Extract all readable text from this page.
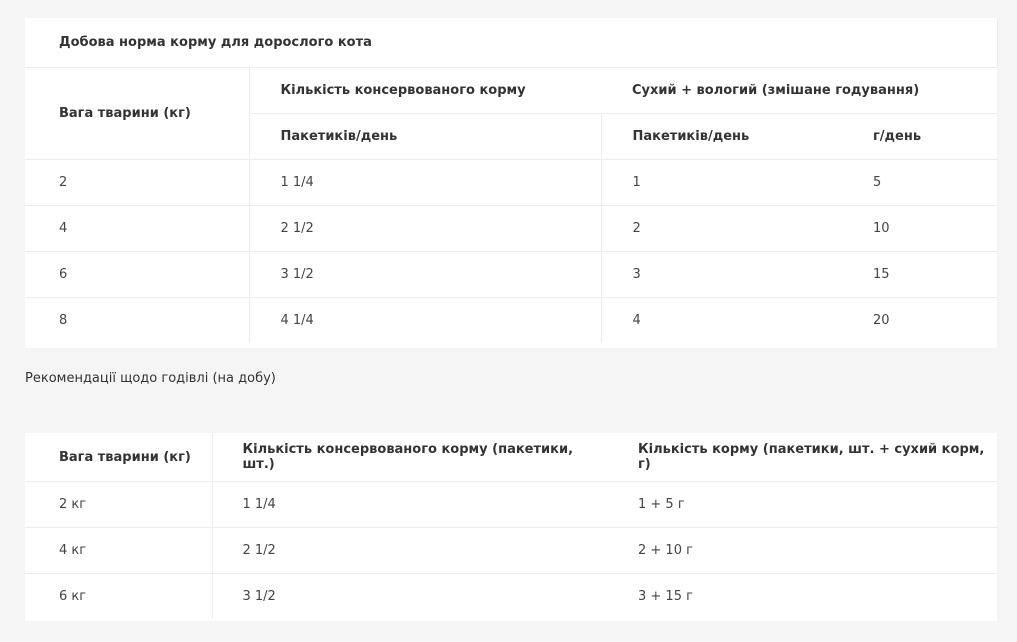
Добова норма корму для дорослого кота			
Вага тварини (кг)	Кількість консервованого корму	Сухий + вологий (змішане годування)	
	Пакетиків/день	Пакетиків/день	г/день
2	1 1/4	1	5
4	2 1/2	2	10
6	3 1/2	3	15
8	4 1/4	4	20
Рекомендації щодо годівлі (на добу)
Вага тварини (кг)	Кількість консервованого корму (пакетики, шт.)	Кількість корму (пакетики, шт. + сухий корм, г)
2 кг	1 1/4	1 + 5 г
4 кг	2 1/2	2 + 10 г
6 кг	3 1/2	3 + 15 г
